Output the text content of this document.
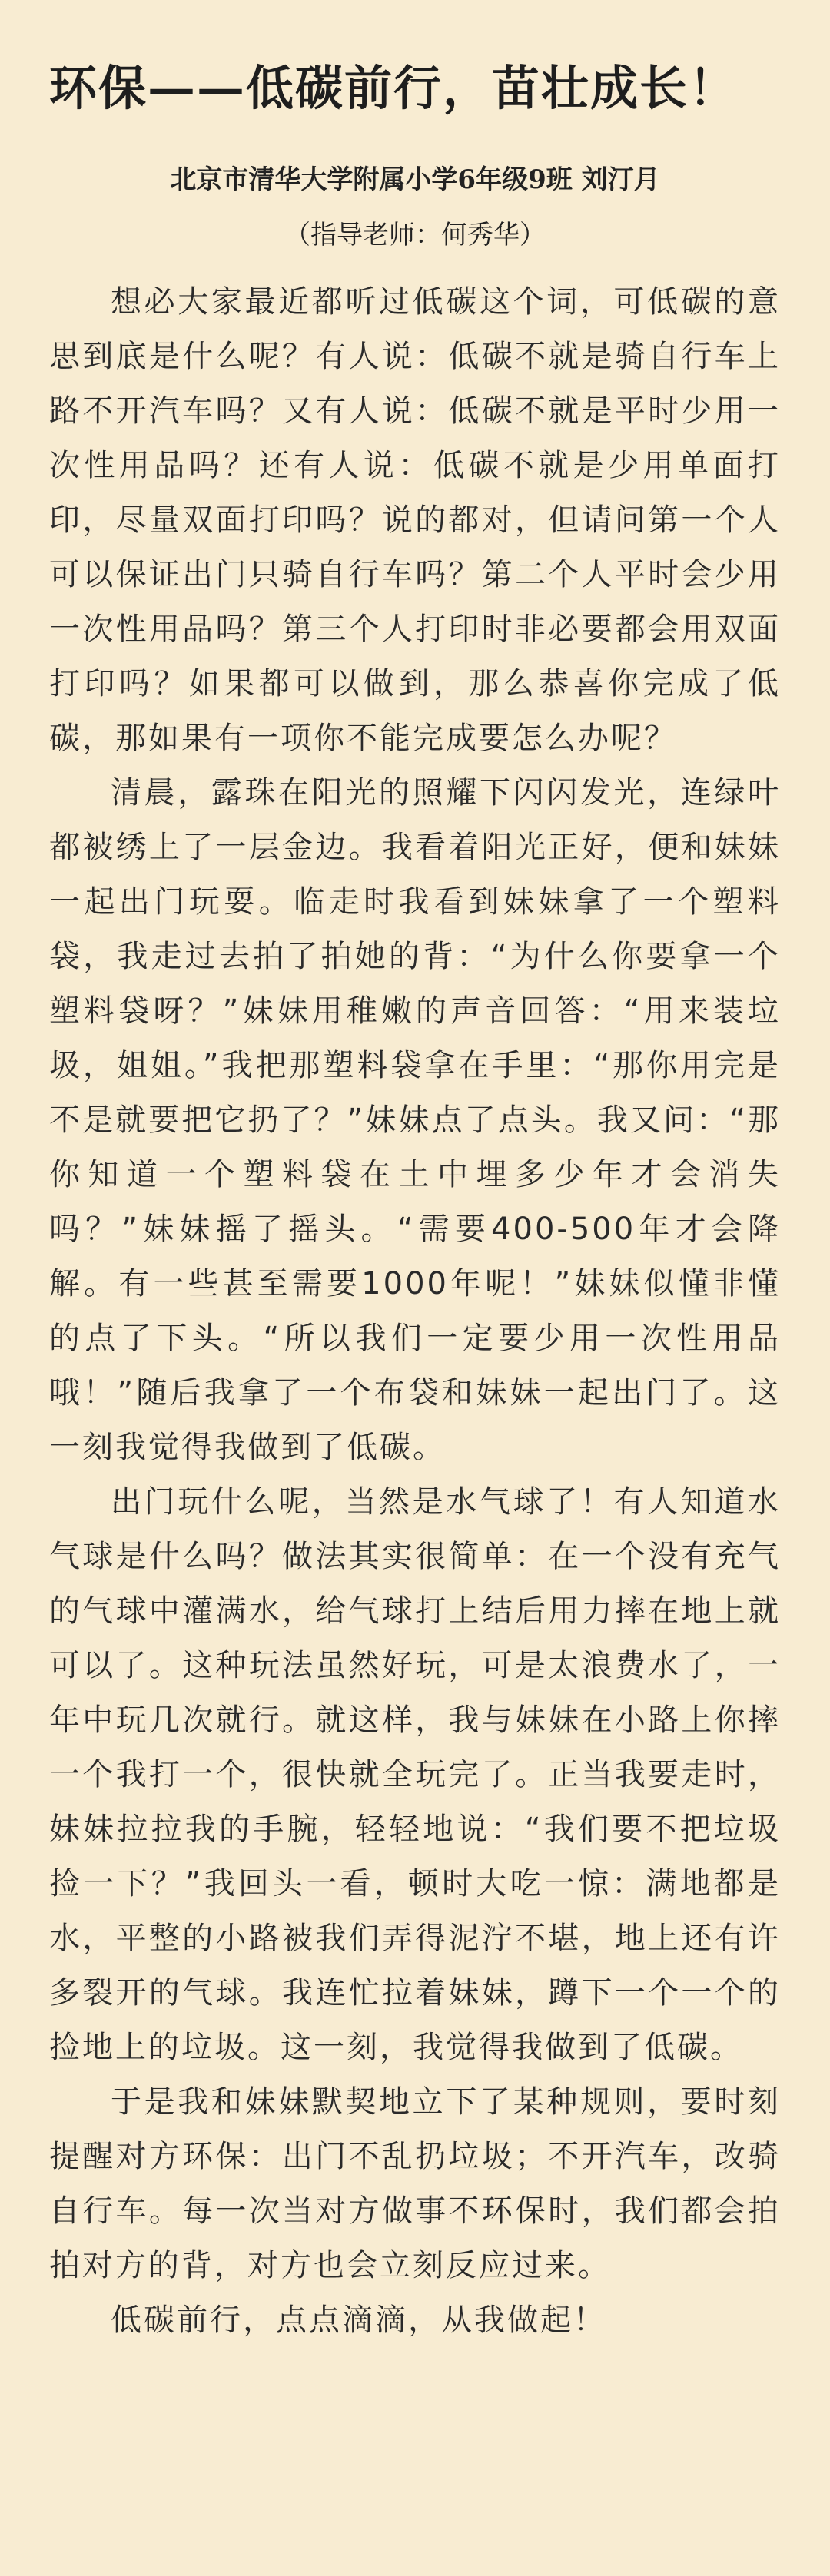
环保——低碳前行，苗壮成长！

北京市清华大学附属小学6年级9班 刘汀月

（指导老师：何秀华）

想必大家最近都听过低碳这个词，可低碳的意思到底是什么呢？有人说：低碳不就是骑自行车上路不开汽车吗？又有人说：低碳不就是平时少用一次性用品吗？还有人说：低碳不就是少用单面打印，尽量双面打印吗？说的都对，但请问第一个人可以保证出门只骑自行车吗？第二个人平时会少用一次性用品吗？第三个人打印时非必要都会用双面打印吗？如果都可以做到，那么恭喜你完成了低碳，那如果有一项你不能完成要怎么办呢？

清晨，露珠在阳光的照耀下闪闪发光，连绿叶都被绣上了一层金边。我看着阳光正好，便和妹妹一起出门玩耍。临走时我看到妹妹拿了一个塑料袋，我走过去拍了拍她的背：“为什么你要拿一个塑料袋呀？”妹妹用稚嫩的声音回答：“用来装垃圾，姐姐。”我把那塑料袋拿在手里：“那你用完是不是就要把它扔了？”妹妹点了点头。我又问：“那你知道一个塑料袋在土中埋多少年才会消失吗？”妹妹摇了摇头。“需要400-500年才会降解。有一些甚至需要1000年呢！”妹妹似懂非懂的点了下头。“所以我们一定要少用一次性用品哦！”随后我拿了一个布袋和妹妹一起出门了。这一刻我觉得我做到了低碳。

出门玩什么呢，当然是水气球了！有人知道水气球是什么吗？做法其实很简单：在一个没有充气的气球中灌满水，给气球打上结后用力摔在地上就可以了。这种玩法虽然好玩，可是太浪费水了，一年中玩几次就行。就这样，我与妹妹在小路上你摔一个我打一个，很快就全玩完了。正当我要走时，妹妹拉拉我的手腕，轻轻地说：“我们要不把垃圾捡一下？”我回头一看，顿时大吃一惊：满地都是水，平整的小路被我们弄得泥泞不堪，地上还有许多裂开的气球。我连忙拉着妹妹，蹲下一个一个的捡地上的垃圾。这一刻，我觉得我做到了低碳。

于是我和妹妹默契地立下了某种规则，要时刻提醒对方环保：出门不乱扔垃圾；不开汽车，改骑自行车。每一次当对方做事不环保时，我们都会拍拍对方的背，对方也会立刻反应过来。

低碳前行，点点滴滴，从我做起！
